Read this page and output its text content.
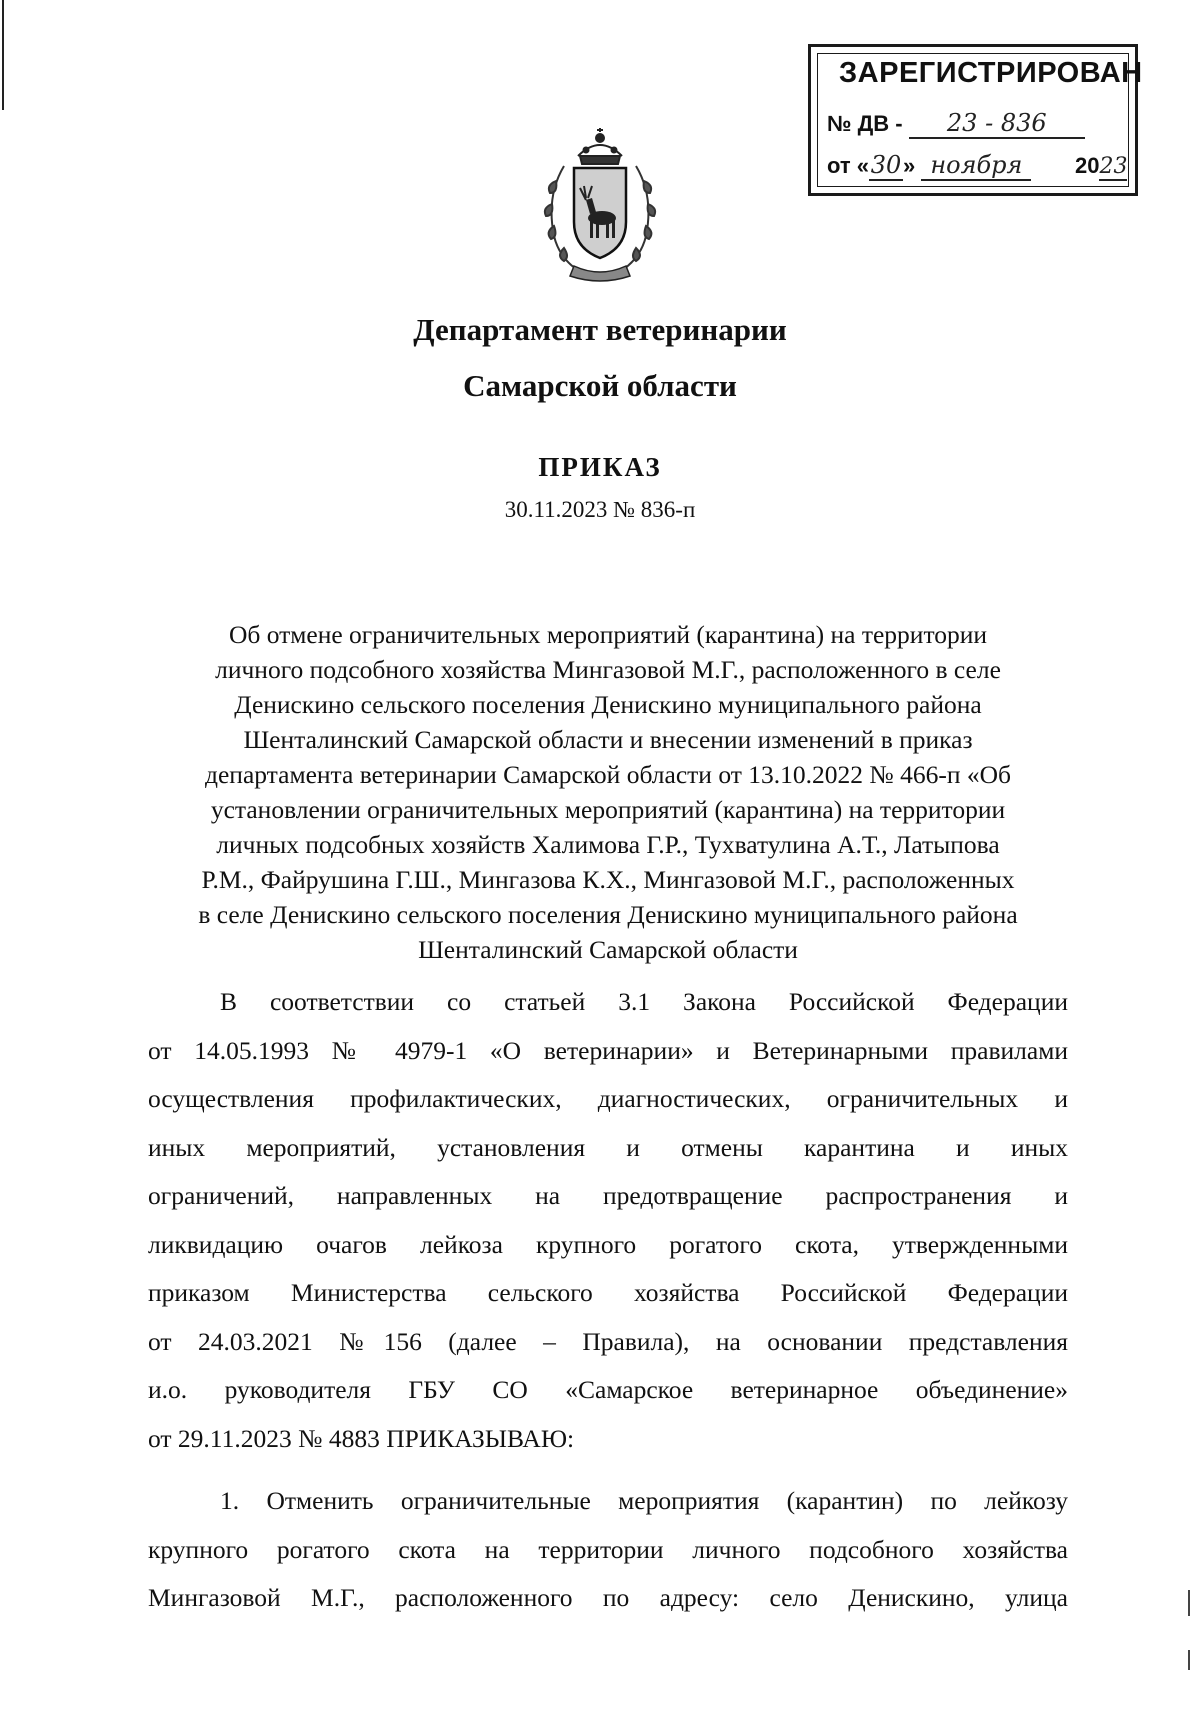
ЗАРЕГИСТРИРОВАН
№ ДВ - 23 - 836
от «30» ноября	2023
Департамент ветеринарии
Самарской области
ПРИКАЗ
30.11.2023 № 836-п
Об отмене ограничительных мероприятий (карантина) на территории
личного подсобного хозяйства Мингазовой М.Г., расположенного в селе
Денискино сельского поселения Денискино муниципального района
Шенталинский Самарской области и внесении изменений в приказ
департамента ветеринарии Самарской области от 13.10.2022 № 466-п «Об
установлении ограничительных мероприятий (карантина) на территории
личных подсобных хозяйств Халимова Г.Р., Тухватулина А.Т., Латыпова
Р.М., Файрушина Г.Ш., Мингазова К.Х., Мингазовой М.Г., расположенных
в селе Денискино сельского поселения Денискино муниципального района
Шенталинский Самарской области
В соответствии со статьей 3.1 Закона Российской Федерации
от 14.05.1993 № 4979-1 «О ветеринарии» и Ветеринарными правилами
осуществления профилактических, диагностических, ограничительных и
иных мероприятий, установления и отмены карантина и иных
ограничений, направленных на предотвращение распространения и
ликвидацию очагов лейкоза крупного рогатого скота, утвержденными
приказом Министерства сельского хозяйства Российской Федерации
от 24.03.2021 №156 (далее – Правила), на основании представления
и.о. руководителя ГБУ СО «Самарское ветеринарное объединение»
от 29.11.2023 № 4883 ПРИКАЗЫВАЮ:
1. Отменить ограничительные мероприятия (карантин) по лейкозу
крупного рогатого скота на территории личного подсобного хозяйства
Мингазовой М.Г., расположенного по адресу: село Денискино, улица
